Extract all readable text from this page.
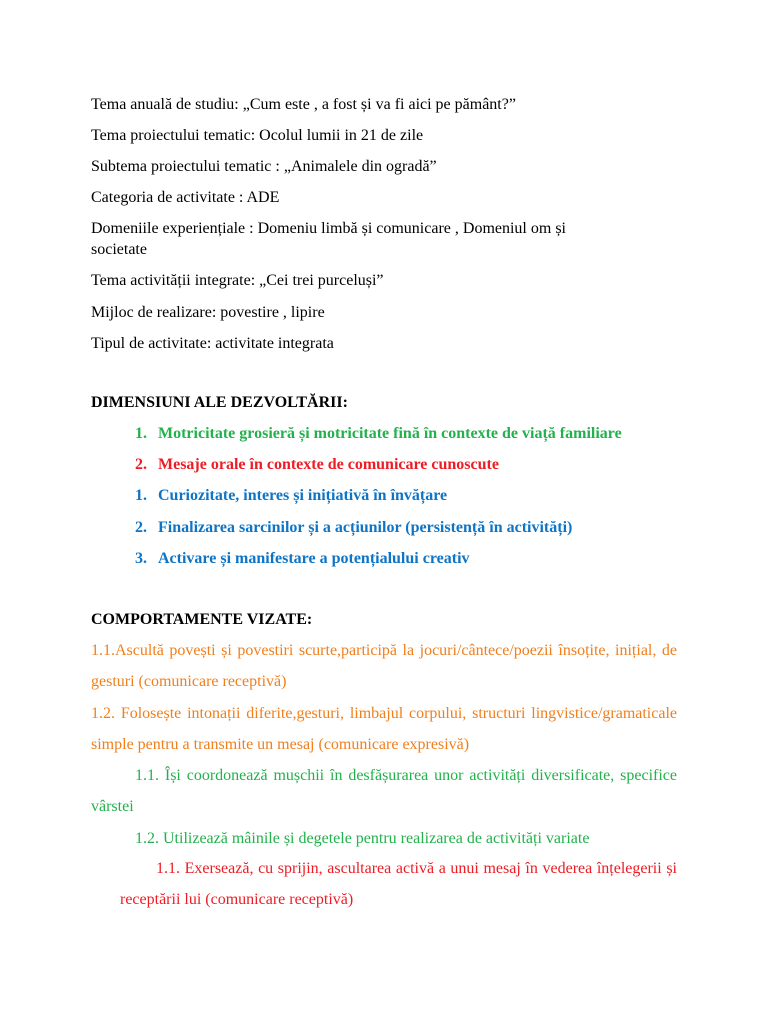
Tema anuală de studiu: „Cum este , a fost și va fi aici pe pământ?”
Tema proiectului tematic: Ocolul lumii in 21 de zile
Subtema proiectului tematic : „Animalele din ogradă”
Categoria de activitate : ADE
Domeniile experiențiale : Domeniu limbă și comunicare , Domeniul om și societate
Tema activității integrate: „Cei trei purceluși”
Mijloc de realizare: povestire , lipire
Tipul de activitate: activitate integrata
DIMENSIUNI ALE DEZVOLTĂRII:
1. Motricitate grosieră și motricitate fină în contexte de viață familiare
2. Mesaje orale în contexte de comunicare cunoscute
1. Curiozitate, interes și inițiativă în învățare
2. Finalizarea sarcinilor și a acțiunilor (persistență în activități)
3. Activare și manifestare a potențialului creativ
COMPORTAMENTE VIZATE:
1.1.Ascultă povești și povestiri scurte,participă la jocuri/cântece/poezii însoțite, inițial, de gesturi (comunicare receptivă)
1.2. Folosește intonații diferite,gesturi, limbajul corpului, structuri lingvistice/gramaticale simple pentru a transmite un mesaj (comunicare expresivă)
1.1. Își coordonează mușchii în desfășurarea unor activități diversificate, specifice vârstei
1.2. Utilizează mâinile și degetele pentru realizarea de activități variate
1.1. Exersează, cu sprijin, ascultarea activă a unui mesaj în vederea înțelegerii și receptării lui (comunicare receptivă)
